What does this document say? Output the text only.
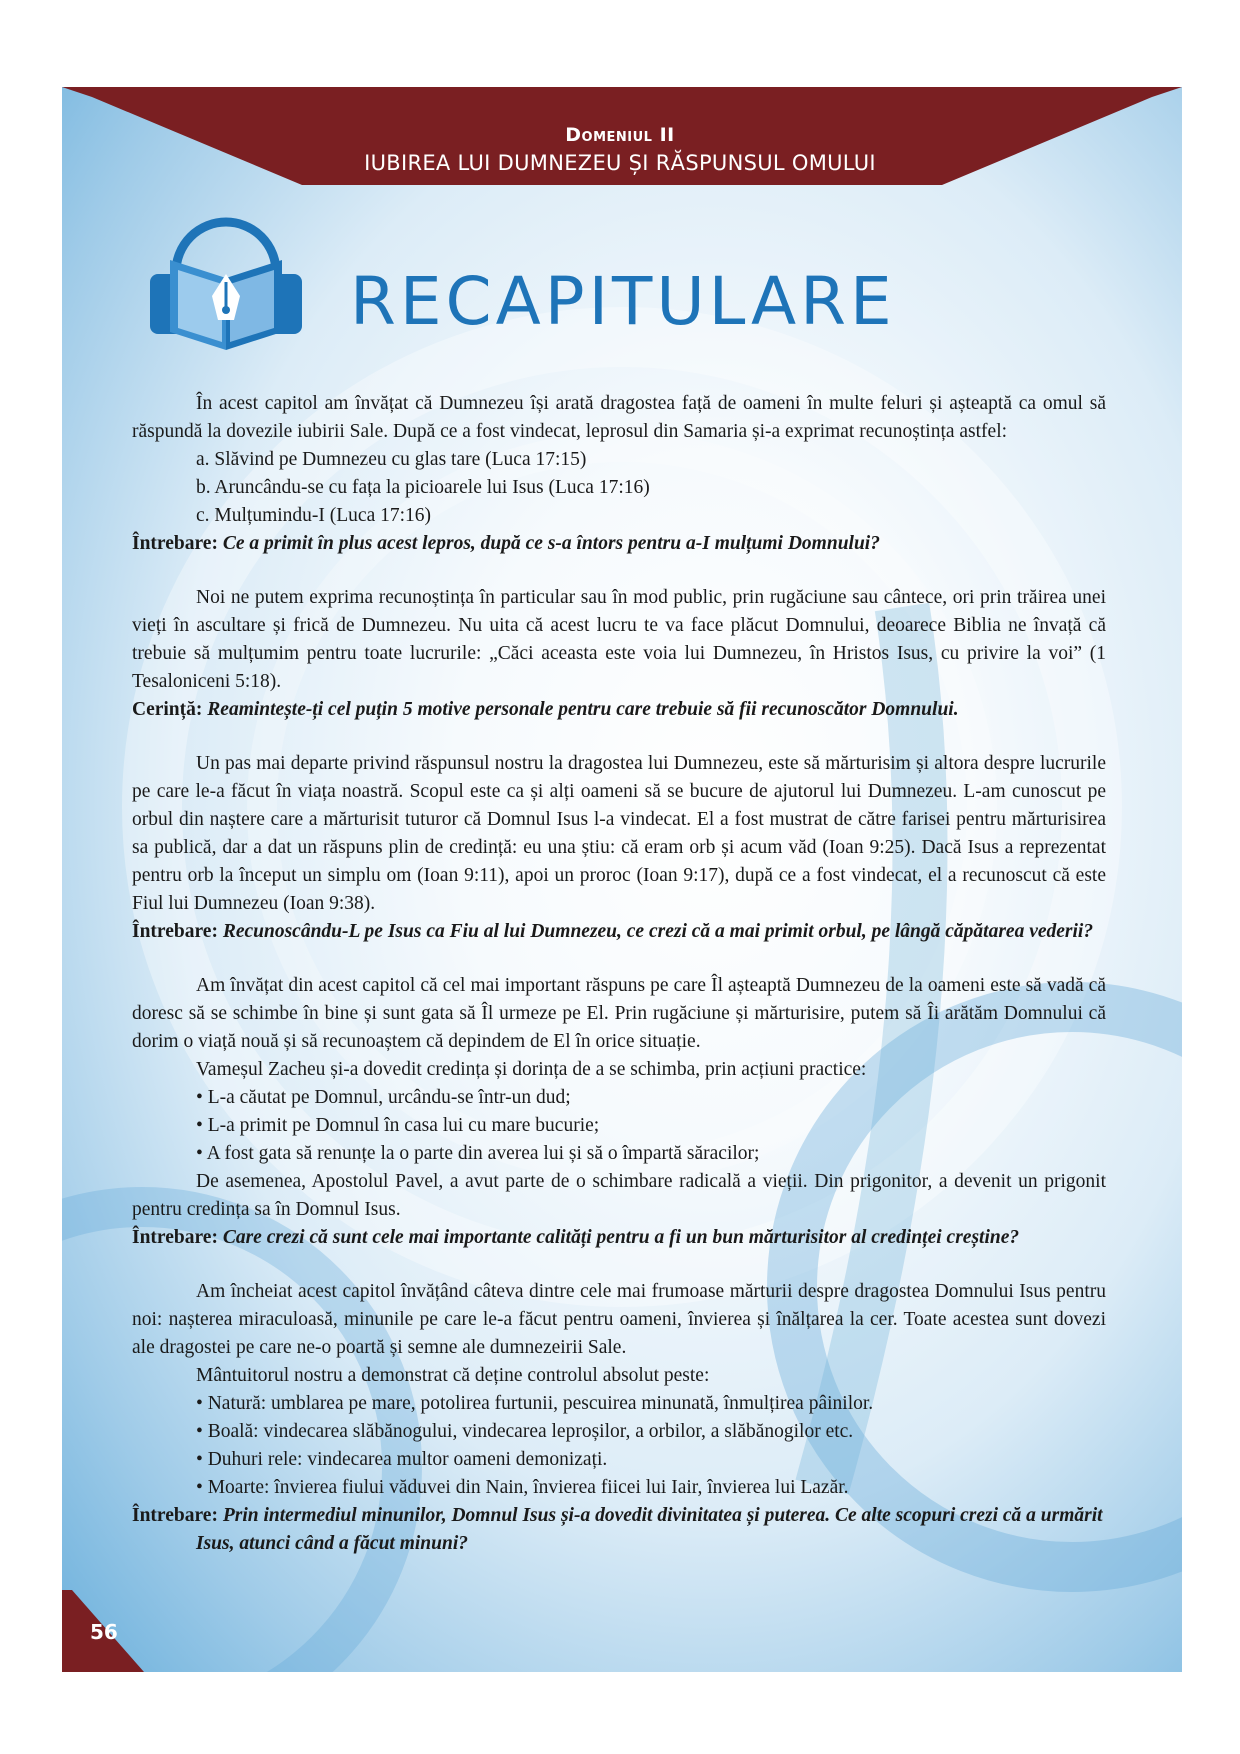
Domeniul II
IUBIREA LUI DUMNEZEU ȘI RĂSPUNSUL OMULUI
RECAPITULARE

În acest capitol am învățat că Dumnezeu își arată dragostea față de oameni în multe feluri și așteaptă ca omul să răspundă la dovezile iubirii Sale. După ce a fost vindecat, leprosul din Samaria și-a exprimat recunoștința astfel:

a. Slăvind pe Dumnezeu cu glas tare (Luca 17:15)

b. Aruncându-se cu fața la picioarele lui Isus (Luca 17:16)

c. Mulțumindu-I (Luca 17:16)

Întrebare: Ce a primit în plus acest lepros, după ce s-a întors pentru a-I mulțumi Domnului?

Noi ne putem exprima recunoștința în particular sau în mod public, prin rugăciune sau cântece, ori prin trăirea unei vieți în ascultare și frică de Dumnezeu. Nu uita că acest lucru te va face plăcut Domnului, deoarece Biblia ne învață că trebuie să mulțumim pentru toate lucrurile: „Căci aceasta este voia lui Dumnezeu, în Hristos Isus, cu privire la voi” (1 Tesaloniceni 5:18).

Cerință: Reamintește-ți cel puțin 5 motive personale pentru care trebuie să fii recunoscător Domnului.

Un pas mai departe privind răspunsul nostru la dragostea lui Dumnezeu, este să mărturisim și altora despre lucrurile pe care le-a făcut în viața noastră. Scopul este ca și alți oameni să se bucure de ajutorul lui Dumnezeu. L-am cunoscut pe orbul din naștere care a mărturisit tuturor că Domnul Isus l-a vindecat. El a fost mustrat de către farisei pentru mărturisirea sa publică, dar a dat un răspuns plin de credință: eu una știu: că eram orb și acum văd (Ioan 9:25). Dacă Isus a reprezentat pentru orb la început un simplu om (Ioan 9:11), apoi un proroc (Ioan 9:17), după ce a fost vindecat, el a recunoscut că este Fiul lui Dumnezeu (Ioan 9:38).

Întrebare: Recunoscându-L pe Isus ca Fiu al lui Dumnezeu, ce crezi că a mai primit orbul, pe lângă căpătarea vederii?

Am învățat din acest capitol că cel mai important răspuns pe care Îl așteaptă Dumnezeu de la oameni este să vadă că doresc să se schimbe în bine și sunt gata să Îl urmeze pe El. Prin rugăciune și mărturisire, putem să Îi arătăm Domnului că dorim o viață nouă și să recunoaștem că depindem de El în orice situație.

Vameșul Zacheu și-a dovedit credința și dorința de a se schimba, prin acțiuni practice:

• L-a căutat pe Domnul, urcându-se într-un dud;

• L-a primit pe Domnul în casa lui cu mare bucurie;

• A fost gata să renunțe la o parte din averea lui și să o împartă săracilor;

De asemenea, Apostolul Pavel, a avut parte de o schimbare radicală a vieții. Din prigonitor, a devenit un prigonit pentru credința sa în Domnul Isus.

Întrebare: Care crezi că sunt cele mai importante calități pentru a fi un bun mărturisitor al credinței creștine?

Am încheiat acest capitol învățând câteva dintre cele mai frumoase mărturii despre dragostea Domnului Isus pentru noi: nașterea miraculoasă, minunile pe care le-a făcut pentru oameni, învierea și înălțarea la cer. Toate acestea sunt dovezi ale dragostei pe care ne-o poartă și semne ale dumnezeirii Sale.

Mântuitorul nostru a demonstrat că deține controlul absolut peste:

• Natură: umblarea pe mare, potolirea furtunii, pescuirea minunată, înmulțirea pâinilor.

• Boală: vindecarea slăbănogului, vindecarea leproșilor, a orbilor, a slăbănogilor etc.

• Duhuri rele: vindecarea multor oameni demonizați.

• Moarte: învierea fiului văduvei din Nain, învierea fiicei lui Iair, învierea lui Lazăr.

Întrebare: Prin intermediul minunilor, Domnul Isus și-a dovedit divinitatea și puterea. Ce alte scopuri crezi că a urmărit Isus, atunci când a făcut minuni?

56
